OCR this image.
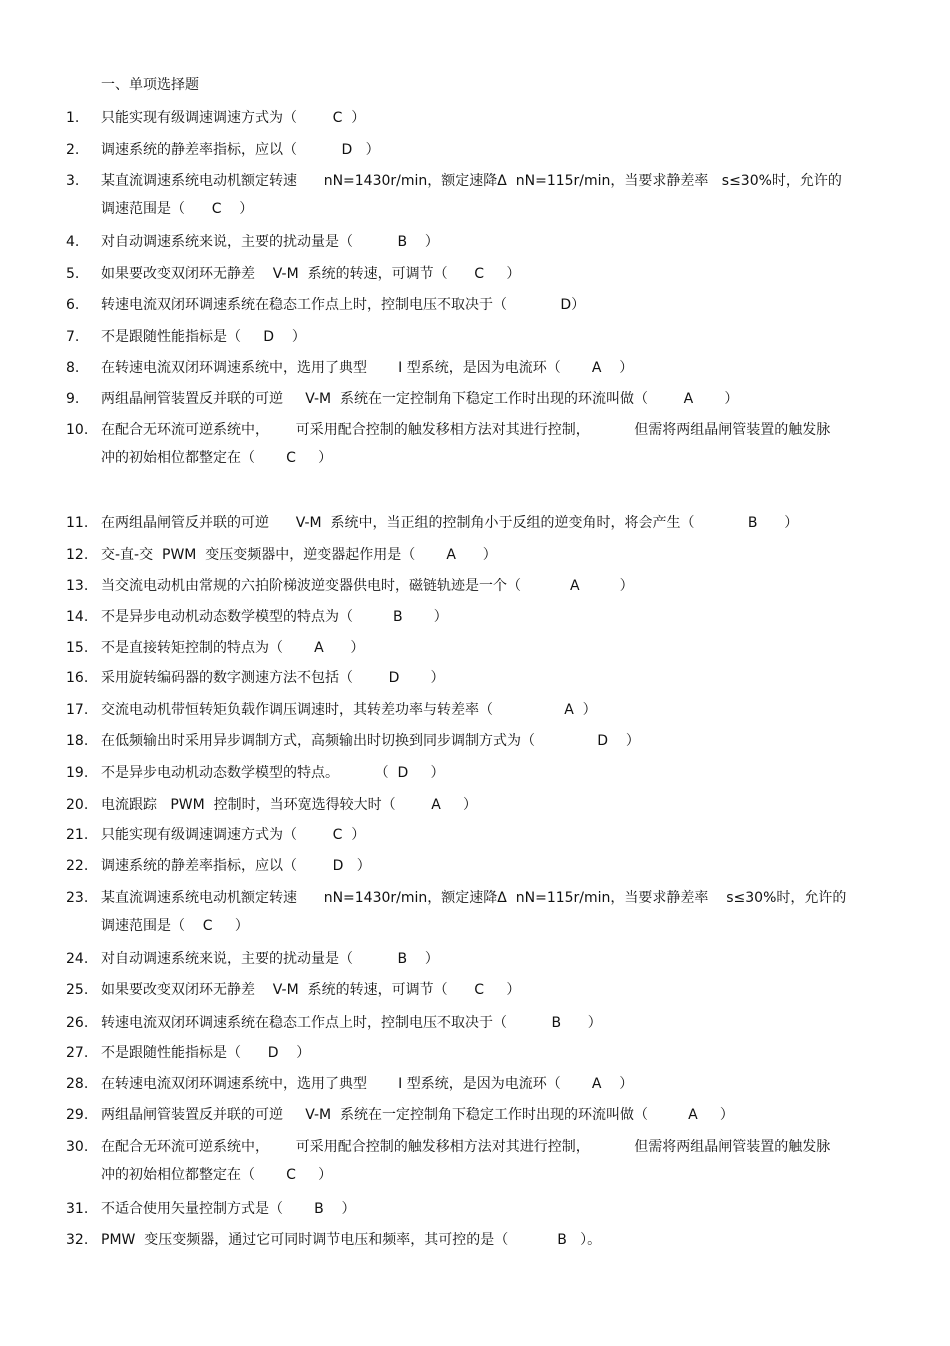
一、单项选择题
1. 只能实现有级调速调速方式为（        C  ）
2. 调速系统的静差率指标，应以（          D   ）
3. 某直流调速系统电动机额定转速      nN=1430r/min，额定速降Δ  nN=115r/min，当要求静差率   s≤30%时，允许的
调速范围是（      C    ）
4. 对自动调速系统来说，主要的扰动量是（          B    ）
5. 如果要改变双闭环无静差    V-M  系统的转速，可调节（      C     ）
6. 转速电流双闭环调速系统在稳态工作点上时，控制电压不取决于（            D）
7. 不是跟随性能指标是（     D    ）
8. 在转速电流双闭环调速系统中，选用了典型       I 型系统，是因为电流环（       A    ）
9. 两组晶闸管装置反并联的可逆     V-M  系统在一定控制角下稳定工作时出现的环流叫做（        A       ）
10. 在配合无环流可逆系统中，      可采用配合控制的触发移相方法对其进行控制，          但需将两组晶闸管装置的触发脉
冲的初始相位都整定在（       C     ）
11. 在两组晶闸管反并联的可逆      V-M  系统中，当正组的控制角小于反组的逆变角时，将会产生（            B      ）
12. 交-直-交  PWM  变压变频器中，逆变器起作用是（       A      ）
13. 当交流电动机由常规的六拍阶梯波逆变器供电时，磁链轨迹是一个（           A         ）
14. 不是异步电动机动态数学模型的特点为（         B       ）
15. 不是直接转矩控制的特点为（       A      ）
16. 采用旋转编码器的数字测速方法不包括（        D       ）
17. 交流电动机带恒转矩负载作调压调速时，其转差功率与转差率（                A  ）
18. 在低频输出时采用异步调制方式，高频输出时切换到同步调制方式为（              D    ）
19. 不是异步电动机动态数学模型的特点。        （  D     ）
20. 电流跟踪   PWM  控制时，当环宽选得较大时（        A     ）
21. 只能实现有级调速调速方式为（        C  ）
22. 调速系统的静差率指标，应以（        D   ）
23. 某直流调速系统电动机额定转速      nN=1430r/min，额定速降Δ  nN=115r/min，当要求静差率    s≤30%时，允许的
调速范围是（    C     ）
24. 对自动调速系统来说，主要的扰动量是（          B    ）
25. 如果要改变双闭环无静差    V-M  系统的转速，可调节（      C     ）
26. 转速电流双闭环调速系统在稳态工作点上时，控制电压不取决于（          B      ）
27. 不是跟随性能指标是（      D    ）
28. 在转速电流双闭环调速系统中，选用了典型       I 型系统，是因为电流环（       A    ）
29. 两组晶闸管装置反并联的可逆     V-M  系统在一定控制角下稳定工作时出现的环流叫做（         A     ）
30. 在配合无环流可逆系统中，      可采用配合控制的触发移相方法对其进行控制，          但需将两组晶闸管装置的触发脉
冲的初始相位都整定在（       C     ）
31. 不适合使用矢量控制方式是（       B    ）
32. PMW  变压变频器，通过它可同时调节电压和频率，其可控的是（           B   ）。
